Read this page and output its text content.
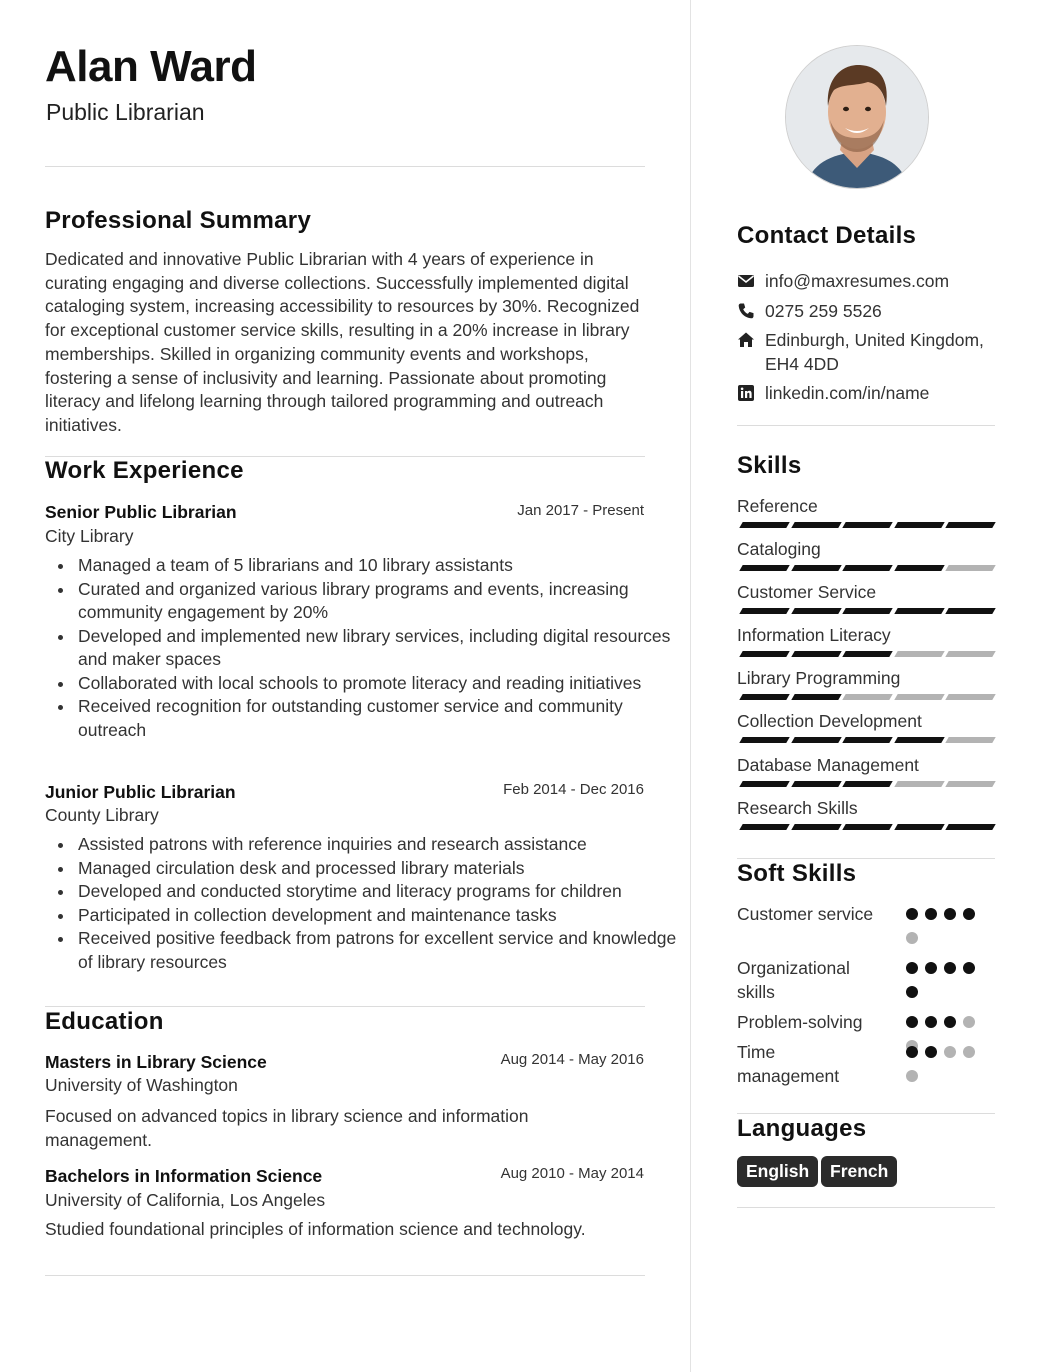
Alan Ward
Public Librarian
Professional Summary
Dedicated and innovative Public Librarian with 4 years of experience in curating engaging and diverse collections. Successfully implemented digital cataloging system, increasing accessibility to resources by 30%. Recognized for exceptional customer service skills, resulting in a 20% increase in library memberships. Skilled in organizing community events and workshops, fostering a sense of inclusivity and learning. Passionate about promoting literacy and lifelong learning through tailored programming and outreach initiatives.
Work Experience
Senior Public Librarian	Jan 2017 - Present
City Library
Managed a team of 5 librarians and 10 library assistants
Curated and organized various library programs and events, increasing community engagement by 20%
Developed and implemented new library services, including digital resources and maker spaces
Collaborated with local schools to promote literacy and reading initiatives
Received recognition for outstanding customer service and community outreach
Junior Public Librarian	Feb 2014 - Dec 2016
County Library
Assisted patrons with reference inquiries and research assistance
Managed circulation desk and processed library materials
Developed and conducted storytime and literacy programs for children
Participated in collection development and maintenance tasks
Received positive feedback from patrons for excellent service and knowledge of library resources
Education
Masters in Library Science	Aug 2014 - May 2016
University of Washington
Focused on advanced topics in library science and information management.
Bachelors in Information Science	Aug 2010 - May 2014
University of California, Los Angeles
Studied foundational principles of information science and technology.
Contact Details
info@maxresumes.com
0275 259 5526
Edinburgh, United Kingdom, EH4 4DD
linkedin.com/in/name
Skills
Reference
Cataloging
Customer Service
Information Literacy
Library Programming
Collection Development
Database Management
Research Skills
Soft Skills
Customer service
Organizational skills
Problem-solving
Time management
Languages
English	French
